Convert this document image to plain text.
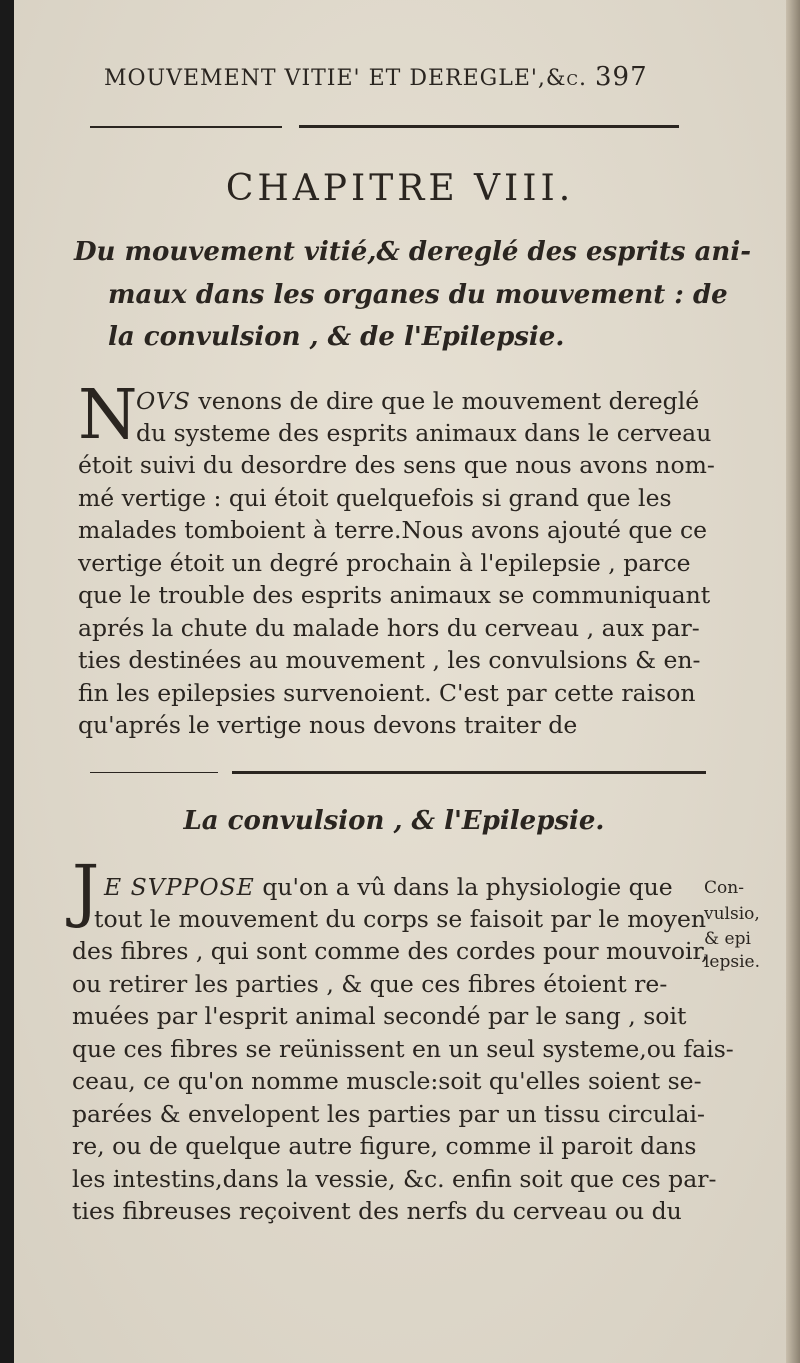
MOUVEMENT VITIE' ET DEREGLE',&c. 397
CHAPITRE VIII.
Du mouvement vitié,& dereglé des esprits ani-
maux dans les organes du mouvement : de
la convulsion , & de l'Epilepsie.
N
OVS venons de dire que le mouvement dereglé
du systeme des esprits animaux dans le cerveau
étoit suivi du desordre des sens que nous avons nom-
mé vertige : qui étoit quelquefois si grand que les
malades tomboient à terre.Nous avons ajouté que ce
vertige étoit un degré prochain à l'epilepsie , parce
que le trouble des esprits animaux se communiquant
aprés la chute du malade hors du cerveau , aux par-
ties destinées au mouvement , les convulsions & en-
fin les epilepsies survenoient. C'est par cette raison
qu'aprés le vertige nous devons traiter de
La convulsion , & l'Epilepsie.
J E SVPPOSE qu'on a vû dans la physiologie que
tout le mouvement du corps se faisoit par le moyen
des fibres , qui sont comme des cordes pour mouvoir,
ou retirer les parties , & que ces fibres étoient re-
muées par l'esprit animal secondé par le sang , soit
que ces fibres se reünissent en un seul systeme,ou fais-
ceau, ce qu'on nomme muscle:soit qu'elles soient se-
parées & envelopent les parties par un tissu circulai-
re, ou de quelque autre figure, comme il paroit dans
les intestins,dans la vessie, &c. enfin soit que ces par-
ties fibreuses reçoivent des nerfs du cerveau ou du
Con-
vulsio,
& epi
lepsie.
